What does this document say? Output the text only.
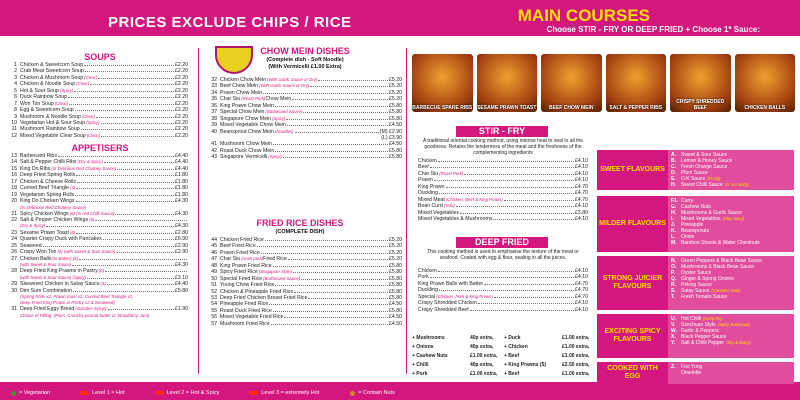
PRICES EXCLUDE CHIPS / RICE	MAIN COURSES
Choose STIR - FRY OR DEEP FRIED + Choose 1* Sauce:
SOUPS
1 Chicken & Sweetcorn Soup	£2.20
2 Crab Meat Sweetcorn Soup	£2.20
3 Chicken & Mushroom Soup (Clear)	£2.20
4 Chicken & Noodle Soup (Clear)	£2.20
5 Hot & Sour Soup (Spicy)	£2.20
6 Duck Rainbow Soup	£2.20
7 Won Ton Soup (Clear)	£2.20
8 Egg & Sweetcorn Soup	£2.20
9 Mushroom & Noodle Soup (Clear)	£2.20
10 Vegetarian Hot & Sour Soup (Spicy)	£2.20
11 Mushroom Rainbow Soup	£2.20
12 Mixed Vegetable Clear Soup (Clear)	£2.20
APPETISERS
13 Barbecued Ribs	£4.40
14 Salt & Pepper Chilli Ribs (Dry & Spicy)	£4.40
15 King Do Ribs (In Delicious Red Chutney Sauce)	£4.40
16 Deep Fried Spring Rolls	£1.80
17 Chicken & Cheese Rolls	£1.80
18 Curried Beef Triangle (4)	£1.80
19 Vegetarian Spring Rolls	£1.80
20 King Do Chicken Wings	£4.30
(In Delicious Red Chutney Sauce)
21 Spicy Chicken Wings (6) (In Hot Chilli Sauce)	£4.30
22 Salt & Pepper Chicken Wings (6)
(Dry & Spicy)	£4.30
23 Sesame Prawn Toast (6)	£2.80
24 Quarter Crispy Duck with Pancakes	£6.90
25 Seaweed	£2.90
26 Crispy Won Ton (6) (with Sweet & Sour Sauce)	£2.90
27 Chicken Balls (In Batter) (6)
(with Sweet & Sour Sauce)	£4.30
28 Deep Fried King Prawns in Pastry (6)
(with Sweet & Sour Sauce) (Spicy)	£3.10
29 Skewered Chicken in Satay Sauce (4)	£4.40
30 Dim Sum Combination	£5.80
(Spring Rolls x2, Prawn toast x2, Curried Beef Triangle x2,
Deep Fried King Prawn in Pastry x2 & Seaweed)
31 Deep Fried Eggy Bread (Includes Syrup)	£1.90
Choice of Filling: (Plain, Crunchy peanut butter or Strawberry Jam)
CHOW MEIN DISHES
(Complete dish - Soft Noodle)
(With Vermicelli £1.00 Extra)
32 Chicken Chow Mein (With Garlic Sauce or Dry)	£5.20
33 Beef Chow Mein (With Garlic Sauce or Dry)	£5.20
34 Prawn Chow Mein	£5.20
35 Char Siu (Roast Pork) Chow Mein	£5.20
36 King Prawn Chow Mein	£5.80
37 Special Chow Mein (Barbecued Sauce)	£5.80
38 Singapore Chow Mein (Spicy)	£5.80
39 Mixed Vegetable Chow Mein	£4.50
40 Beansprout Chow Mein (Noodles)	(M) £2.90
(L) £3.90
41 Mushroom Chow Mein	£4.50
42 Roast Duck Chow Mein	£5.80
43 Singapore Vermicelli (Spicy)	£5.80
FRIED RICE DISHES
(COMPLETE DISH)
44 Chicken Fried Rice	£5.20
45 Beef Fried Rice	£5.20
46 Prawn Fried Rice	£5.20
47 Char Siu (roast pork) Fried Rice	£5.20
48 King Prawn Fried Rice	£5.80
49 Spicy Fried Rice (Singapore Style)	£5.80
50 Special Fried Rice (Barbecued Sauce)	£5.80
51 Young Chow Fried Rice	£5.80
52 Chicken & Pineapple Fried Rice	£5.80
53 Deep Fried Chicken Breast Fried Rice	£5.80
54 Pineapple Fried Rice	£4.50
55 Roast Duck Fried Rice	£5.80
56 Mixed Vegetable Fried Rice	£4.50
57 Mushroom Fried Rice	£4.50
BARBECUE SPARE RIBS SESAME PRAWN TOAST	BEEF CHOW MEIN	SALT & PEPPER RIBS
CRISPY SHREDDED BEEF	CHICKEN BALLS
STIR - FRY
A traditional oriental cooking method, using intense heat to seal in all the goodness. Retains the tenderness of the meat and the freshness of the complementing ingredients
Chicken	£4.10
Beef	£4.10
Char Siu (Roast Pork)	£4.10
Prawn	£4.10
King Prawn	£4.70
Duckling	£4.70
Mixed Meat (Chicken, Beef & King Prawn)	£4.70
Bean Curd (Tofu)	£4.10
Mixed Vegetables	£3.80
Mixed Vegetables & Mushrooms	£4.10
DEEP FRIED
This cooking method is used to emphasise the texture of the meat or seafood. Coated with egg & flour, sealing in all the juices.
Chicken	£4.10
Pork	£4.10
King Prawn Balls with Batter	£4.70
Duckling	£4.70
Special (Chicken, Pork & King Prawn)	£4.70
Crispy Shredded Chicken	£4.10
Crispy Shredded Beef	£4.10
+ Mushrooms	40p extra,	+ Duck	£1.00 extra,
+ Onions	40p extra,	+ Chicken	£1.00 extra,
+ Cashew Nuts	£1.00 extra,	+ Beef	£1.00 extra,
+ Chilli	40p extra,	+ King Prawns (5)	£2.50 extra,
+ Pork	£1.00 extra,	+ Beef	£1.00 extra,
SWEET FLAVOURS
A.	Sweet & Sour Sauce
B.	Lemon & Honey Sauce
C.	Fresh Orange Sauce
D.	Plum Sauce
E.	O.K Sauce (Fruity)
H.	Sweet Chilli Sauce (or not spicy)
MILDER FLAVOURS
F1. Curry
G. Cashew Nuts
H.	Mushrooms & Garlic Sauce
I.	Mixed Vegetables (Stay Sexy)
J.	Pineapple
K.	Beansprouts
L.	Onion
M. Bamboo Shoots & Water Chestnuts
STRONG JUICIER FLAVOURS
N.	Green Peppers & Black Bean Sauce
O. Mushrooms & Black Bean Sauce
P.	Oyster Sauce
Q. Ginger & Spring Onions
R.	Peking Sauce
S.	Satay Sauce (Contains Nuts)
T.	Fresh Tomato Sauce
EXCITING SPICY FLAVOURS
U.	Hot Chilli (Kung Po)
V.	Szechuan Style (Spicy Barbecue)
W. Garlic & Peppers
X.	Black Pepper Sauce
Y.	Salt & Chilli Pepper (Dry & Spicy)
COOKED WITH EGG
Z.	Foo Yung
Omelette
= Vegetarian	Level 1 = Hot	Level 2 = Hot & Spicy	Level 3 = extremely Hot	= Contain Nuts
